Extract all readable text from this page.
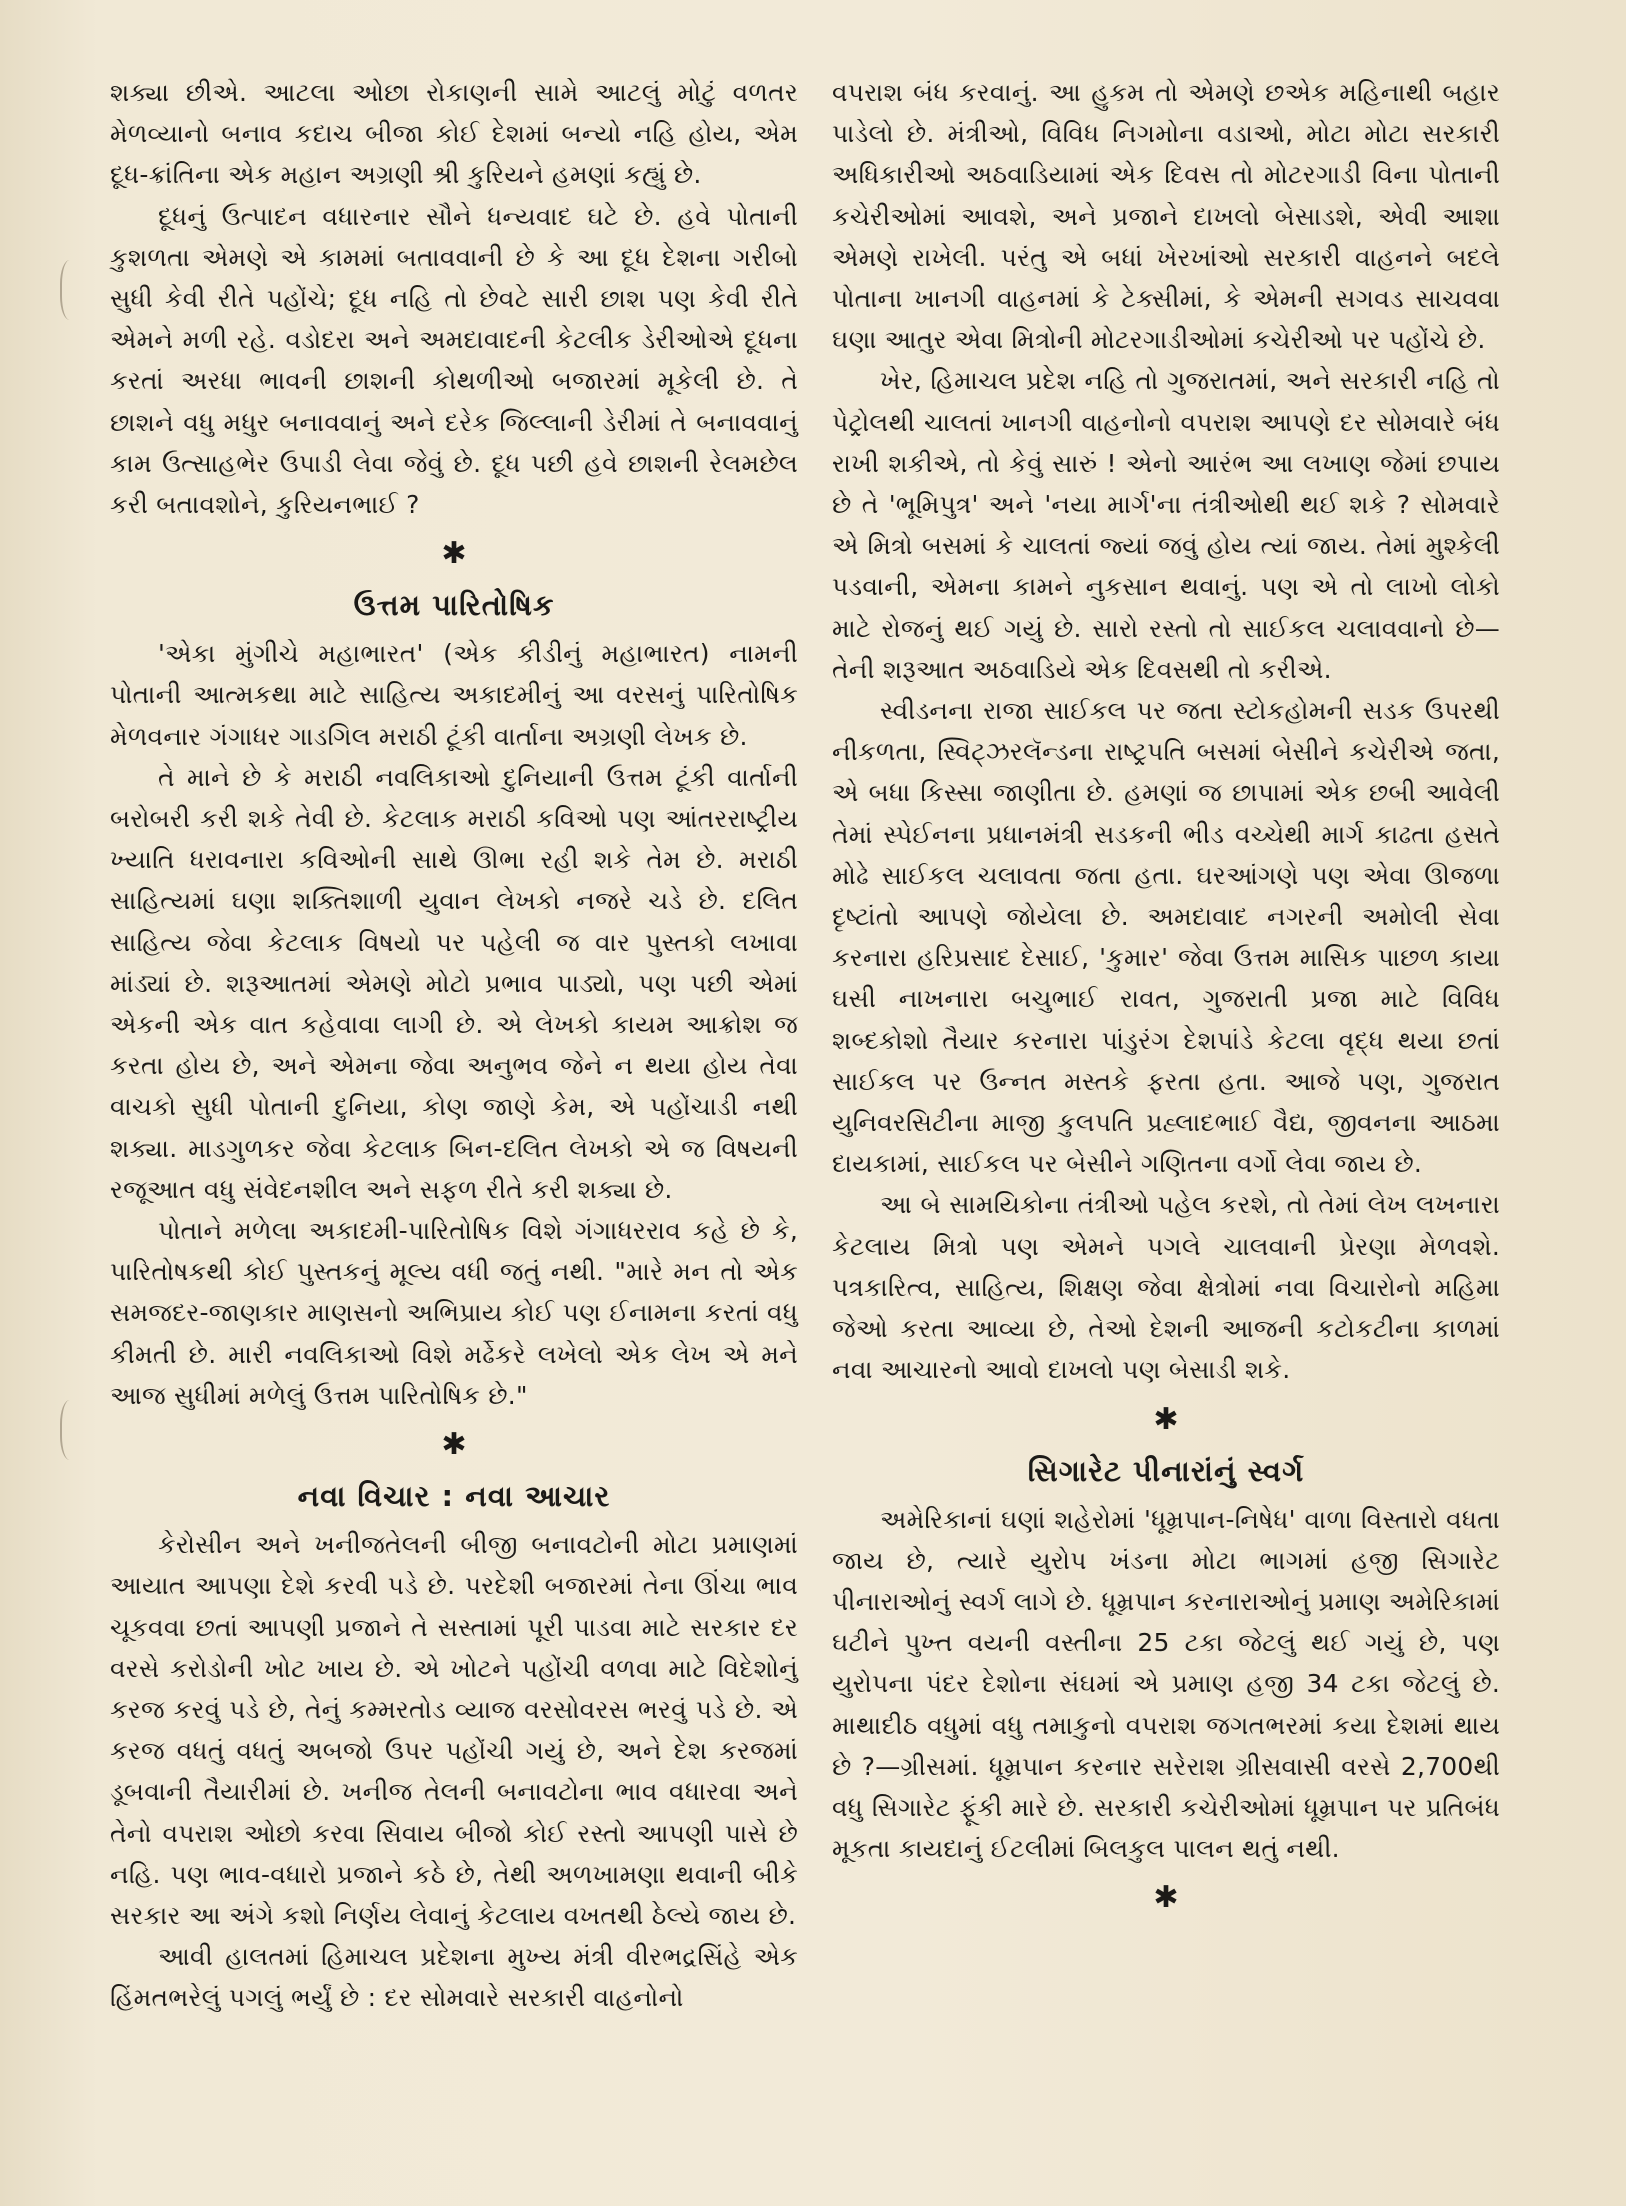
શક્યા છીએ. આટલા ઓછા રોકાણની સામે આટલું મોટું વળતર મેળવ્યાનો બનાવ કદાચ બીજા કોઈ દેશમાં બન્યો નહિ હોય, એમ દૂધ-ક્રાંતિના એક મહાન અગ્રણી શ્રી કુરિયને હમણાં કહ્યું છે.

દૂધનું ઉત્પાદન વધારનાર સૌને ધન્યવાદ ઘટે છે. હવે પોતાની કુશળતા એમણે એ કામમાં બતાવવાની છે કે આ દૂધ દેશના ગરીબો સુધી કેવી રીતે પહોંચે; દૂધ નહિ તો છેવટે સારી છાશ પણ કેવી રીતે એમને મળી રહે. વડોદરા અને અમદાવાદની કેટલીક ડેરીઓએ દૂધના કરતાં અરધા ભાવની છાશની કોથળીઓ બજારમાં મૂકેલી છે. તે છાશને વધુ મધુર બનાવવાનું અને દરેક જિલ્લાની ડેરીમાં તે બનાવવાનું કામ ઉત્સાહભેર ઉપાડી લેવા જેવું છે. દૂધ પછી હવે છાશની રેલમછેલ કરી બતાવશોને, કુરિયનભાઈ ?

✱
ઉત્તમ પારિતોષિક

'એકા મુંગીચે મહાભારત' (એક કીડીનું મહાભારત) નામની પોતાની આત્મકથા માટે સાહિત્ય અકાદમીનું આ વરસનું પારિતોષિક મેળવનાર ગંગાધર ગાડગિલ મરાઠી ટૂંકી વાર્તાના અગ્રણી લેખક છે.

તે માને છે કે મરાઠી નવલિકાઓ દુનિયાની ઉત્તમ ટૂંકી વાર્તાની બરોબરી કરી શકે તેવી છે. કેટલાક મરાઠી કવિઓ પણ આંતરરાષ્ટ્રીય ખ્યાતિ ધરાવનારા કવિઓની સાથે ઊભા રહી શકે તેમ છે. મરાઠી સાહિત્યમાં ઘણા શક્તિશાળી યુવાન લેખકો નજરે ચડે છે. દલિત સાહિત્ય જેવા કેટલાક વિષયો પર પહેલી જ વાર પુસ્તકો લખાવા માંડ્યાં છે. શરૂઆતમાં એમણે મોટો પ્રભાવ પાડ્યો, પણ પછી એમાં એકની એક વાત કહેવાવા લાગી છે. એ લેખકો કાયમ આક્રોશ જ કરતા હોય છે, અને એમના જેવા અનુભવ જેને ન થયા હોય તેવા વાચકો સુધી પોતાની દુનિયા, કોણ જાણે કેમ, એ પહોંચાડી નથી શક્યા. માડગુળકર જેવા કેટલાક બિન-દલિત લેખકો એ જ વિષયની રજૂઆત વધુ સંવેદનશીલ અને સફળ રીતે કરી શક્યા છે.

પોતાને મળેલા અકાદમી-પારિતોષિક વિશે ગંગાધરરાવ કહે છે કે, પારિતોષકથી કોઈ પુસ્તકનું મૂલ્ય વધી જતું નથી. "મારે મન તો એક સમજદર-જાણકાર માણસનો અભિપ્રાય કોઈ પણ ઈનામના કરતાં વધુ કીમતી છે. મારી નવલિકાઓ વિશે મર્ઢેકરે લખેલો એક લેખ એ મને આજ સુધીમાં મળેલું ઉત્તમ પારિતોષિક છે."

✱
નવા વિચાર : નવા આચાર

કેરોસીન અને ખનીજતેલની બીજી બનાવટોની મોટા પ્રમાણમાં આયાત આપણા દેશે કરવી પડે છે. પરદેશી બજારમાં તેના ઊંચા ભાવ ચૂકવવા છતાં આપણી પ્રજાને તે સસ્તામાં પૂરી પાડવા માટે સરકાર દર વરસે કરોડોની ખોટ ખાય છે. એ ખોટને પહોંચી વળવા માટે વિદેશોનું કરજ કરવું પડે છે, તેનું કમ્મરતોડ વ્યાજ વરસોવરસ ભરવું પડે છે. એ કરજ વધતું વધતું અબજો ઉપર પહોંચી ગયું છે, અને દેશ કરજમાં ડૂબવાની તૈયારીમાં છે. ખનીજ તેલની બનાવટોના ભાવ વધારવા અને તેનો વપરાશ ઓછો કરવા સિવાય બીજો કોઈ રસ્તો આપણી પાસે છે નહિ. પણ ભાવ-વધારો પ્રજાને કઠે છે, તેથી અળખામણા થવાની બીકે સરકાર આ અંગે કશો નિર્ણય લેવાનું કેટલાય વખતથી ઠેલ્યે જાય છે.

આવી હાલતમાં હિમાચલ પ્રદેશના મુખ્ય મંત્રી વીરભદ્રસિંહે એક હિંમતભરેલું પગલું ભર્યું છે : દર સોમવારે સરકારી વાહનોનો

વપરાશ બંધ કરવાનું. આ હુકમ તો એમણે છએક મહિનાથી બહાર પાડેલો છે. મંત્રીઓ, વિવિધ નિગમોના વડાઓ, મોટા મોટા સરકારી અધિકારીઓ અઠવાડિયામાં એક દિવસ તો મોટરગાડી વિના પોતાની કચેરીઓમાં આવશે, અને પ્રજાને દાખલો બેસાડશે, એવી આશા એમણે રાખેલી. પરંતુ એ બધાં ખેરખાંઓ સરકારી વાહનને બદલે પોતાના ખાનગી વાહનમાં કે ટેક્સીમાં, કે એમની સગવડ સાચવવા ઘણા આતુર એવા મિત્રોની મોટરગાડીઓમાં કચેરીઓ પર પહોંચે છે.

ખેર, હિમાચલ પ્રદેશ નહિ તો ગુજરાતમાં, અને સરકારી નહિ તો પેટ્રોલથી ચાલતાં ખાનગી વાહનોનો વપરાશ આપણે દર સોમવારે બંધ રાખી શકીએ, તો કેવું સારું ! એનો આરંભ આ લખાણ જેમાં છપાય છે તે 'ભૂમિપુત્ર' અને 'નયા માર્ગ'ના તંત્રીઓથી થઈ શકે ? સોમવારે એ મિત્રો બસમાં કે ચાલતાં જ્યાં જવું હોય ત્યાં જાય. તેમાં મુશ્કેલી પડવાની, એમના કામને નુકસાન થવાનું. પણ એ તો લાખો લોકો માટે રોજનું થઈ ગયું છે. સારો રસ્તો તો સાઈકલ ચલાવવાનો છે—તેની શરૂઆત અઠવાડિયે એક દિવસથી તો કરીએ.

સ્વીડનના રાજા સાઈકલ પર જતા સ્ટોકહોમની સડક ઉપરથી નીકળતા, સ્વિટ્ઝરલૅન્ડના રાષ્ટ્રપતિ બસમાં બેસીને કચેરીએ જતા, એ બધા કિસ્સા જાણીતા છે. હમણાં જ છાપામાં એક છબી આવેલી તેમાં સ્પેઈનના પ્રધાનમંત્રી સડકની ભીડ વચ્ચેથી માર્ગ કાઢતા હસતે મોઢે સાઈકલ ચલાવતા જતા હતા. ઘરઆંગણે પણ એવા ઊજળા દૃષ્ટાંતો આપણે જોયેલા છે. અમદાવાદ નગરની અમોલી સેવા કરનારા હરિપ્રસાદ દેસાઈ, 'કુમાર' જેવા ઉત્તમ માસિક પાછળ કાયા ઘસી નાખનારા બચુભાઈ રાવત, ગુજરાતી પ્રજા માટે વિવિધ શબ્દકોશો તૈયાર કરનારા પાંડુરંગ દેશપાંડે કેટલા વૃદ્ધ થયા છતાં સાઈકલ પર ઉન્નત મસ્તકે ફરતા હતા. આજે પણ, ગુજરાત યુનિવરસિટીના માજી કુલપતિ પ્રહ્લાદભાઈ વૈદ્ય, જીવનના આઠમા દાયકામાં, સાઈકલ પર બેસીને ગણિતના વર્ગો લેવા જાય છે.

આ બે સામયિકોના તંત્રીઓ પહેલ કરશે, તો તેમાં લેખ લખનારા કેટલાય મિત્રો પણ એમને પગલે ચાલવાની પ્રેરણા મેળવશે. પત્રકારિત્વ, સાહિત્ય, શિક્ષણ જેવા ક્ષેત્રોમાં નવા વિચારોનો મહિમા જેઓ કરતા આવ્યા છે, તેઓ દેશની આજની કટોકટીના કાળમાં નવા આચારનો આવો દાખલો પણ બેસાડી શકે.

✱
સિગારેટ પીનારાંનું સ્વર્ગ

અમેરિકાનાં ઘણાં શહેરોમાં 'ધૂમ્રપાન-નિષેધ' વાળા વિસ્તારો વધતા જાય છે, ત્યારે યુરોપ ખંડના મોટા ભાગમાં હજી સિગારેટ પીનારાઓનું સ્વર્ગ લાગે છે. ધૂમ્રપાન કરનારાઓનું પ્રમાણ અમેરિકામાં ઘટીને પુખ્ત વયની વસ્તીના 25 ટકા જેટલું થઈ ગયું છે, પણ યુરોપના પંદર દેશોના સંઘમાં એ પ્રમાણ હજી 34 ટકા જેટલું છે. માથાદીઠ વધુમાં વધુ તમાકુનો વપરાશ જગતભરમાં કયા દેશમાં થાય છે ?—ગ્રીસમાં. ધૂમ્રપાન કરનાર સરેરાશ ગ્રીસવાસી વરસે 2,700થી વધુ સિગારેટ ફૂંકી મારે છે. સરકારી કચેરીઓમાં ધૂમ્રપાન પર પ્રતિબંધ મૂકતા કાયદાનું ઈટલીમાં બિલકુલ પાલન થતું નથી.

✱
